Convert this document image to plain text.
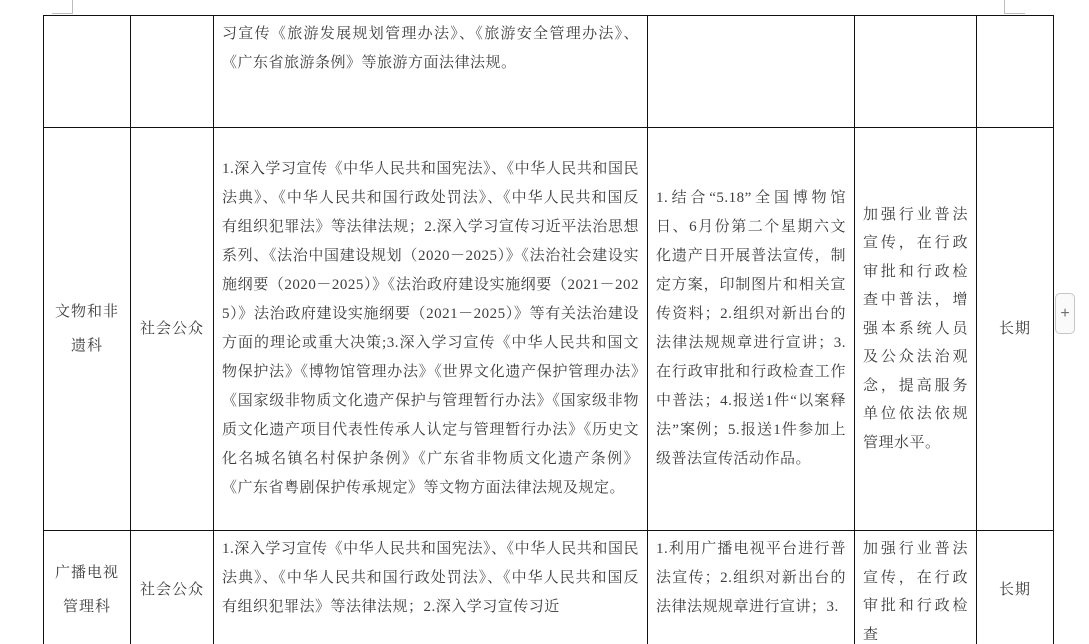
		习宣传《旅游发展规划管理办法》、《旅游安全管理办法》、《广东省旅游条例》等旅游方面法律法规。			
文物和非遗科	社会公众	1.深入学习宣传《中华人民共和国宪法》、《中华人民共和国民法典》、《中华人民共和国行政处罚法》、《中华人民共和国反有组织犯罪法》等法律法规；2.深入学习宣传习近平法治思想系列、《法治中国建设规划（2020－2025）》《法治社会建设实施纲要（2020－2025）》《法治政府建设实施纲要（2021－2025）》法治政府建设实施纲要（2021－2025）》等有关法治建设方面的理论或重大决策;3.深入学习宣传《中华人民共和国文物保护法》《博物馆管理办法》《世界文化遗产保护管理办法》《国家级非物质文化遗产保护与管理暂行办法》《国家级非物质文化遗产项目代表性传承人认定与管理暂行办法》《历史文化名城名镇名村保护条例》《广东省非物质文化遗产条例》《广东省粤剧保护传承规定》等文物方面法律法规及规定。	1.结合“5.18”全国博物馆日、6月份第二个星期六文化遗产日开展普法宣传，制定方案，印制图片和相关宣传资料；2.组织对新出台的法律法规规章进行宣讲；3.在行政审批和行政检查工作中普法；4.报送1件“以案释法”案例；5.报送1件参加上级普法宣传活动作品。	加强行业普法宣传，在行政审批和行政检查中普法，增强本系统人员及公众法治观念，提高服务单位依法依规管理水平。	长期
广播电视管理科	社会公众	1.深入学习宣传《中华人民共和国宪法》、《中华人民共和国民法典》、《中华人民共和国行政处罚法》、《中华人民共和国反有组织犯罪法》等法律法规；2.深入学习宣传习近	1.利用广播电视平台进行普法宣传；2.组织对新出台的法律法规规章进行宣讲；3.	加强行业普法宣传，在行政审批和行政检查	长期
+
